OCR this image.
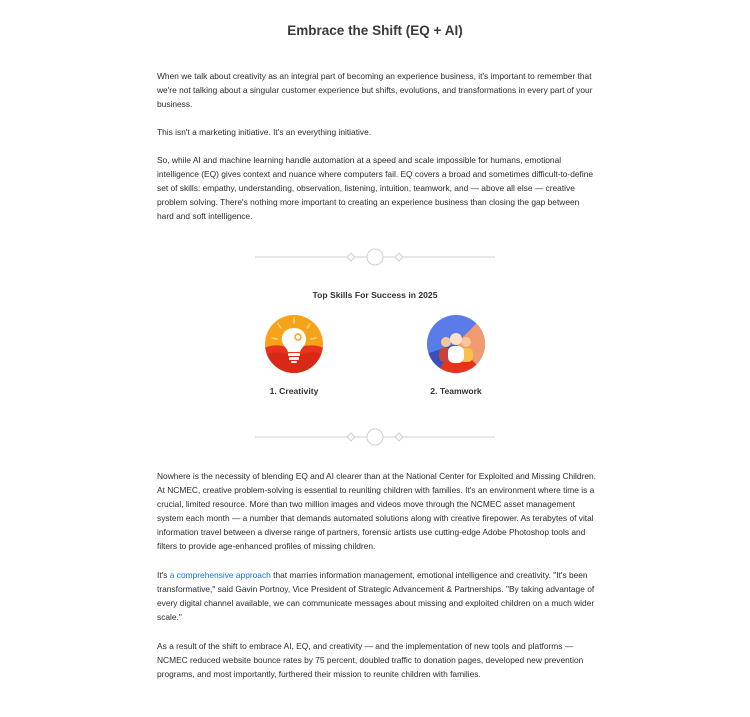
Embrace the Shift (EQ + AI)

When we talk about creativity as an integral part of becoming an experience business, it's important to remember that we're not talking about a singular customer experience but shifts, evolutions, and transformations in every part of your business.

This isn't a marketing initiative. It's an everything initiative.

So, while AI and machine learning handle automation at a speed and scale impossible for humans, emotional intelligence (EQ) gives context and nuance where computers fail. EQ covers a broad and sometimes difficult-to-define set of skills: empathy, understanding, observation, listening, intuition, teamwork, and — above all else — creative problem solving. There's nothing more important to creating an experience business than closing the gap between hard and soft intelligence.

Top Skills For Success in 2025
1. Creativity	2. Teamwork

Nowhere is the necessity of blending EQ and AI clearer than at the National Center for Exploited and Missing Children. At NCMEC, creative problem-solving is essential to reuniting children with families. It's an environment where time is a crucial, limited resource. More than two million images and videos move through the NCMEC asset management system each month — a number that demands automated solutions along with creative firepower. As terabytes of vital information travel between a diverse range of partners, forensic artists use cutting-edge Adobe Photoshop tools and filters to provide age-enhanced profiles of missing children.

It's a comprehensive approach that marries information management, emotional intelligence and creativity. "It's been transformative," said Gavin Portnoy, Vice President of Strategic Advancement & Partnerships. "By taking advantage of every digital channel available, we can communicate messages about missing and exploited children on a much wider scale."

As a result of the shift to embrace AI, EQ, and creativity — and the implementation of new tools and platforms — NCMEC reduced website bounce rates by 75 percent, doubled traffic to donation pages, developed new prevention programs, and most importantly, furthered their mission to reunite children with families.
